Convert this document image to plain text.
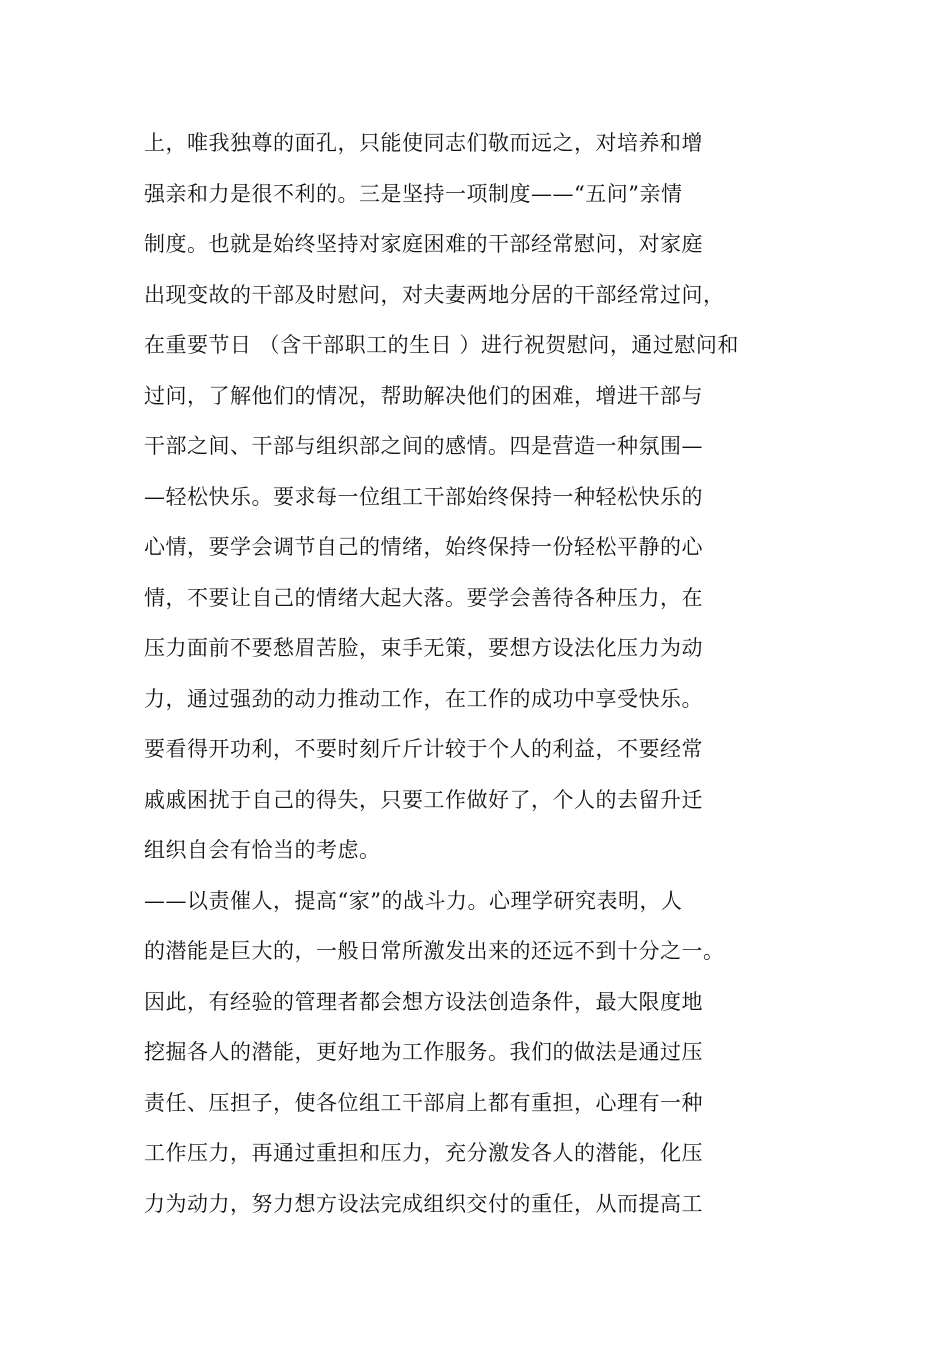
上，唯我独尊的面孔，只能使同志们敬而远之，对培养和增
强亲和力是很不利的。三是坚持一项制度——“五问”亲情
制度。也就是始终坚持对家庭困难的干部经常慰问，对家庭
出现变故的干部及时慰问，对夫妻两地分居的干部经常过问，
在重要节日 （含干部职工的生日 ）进行祝贺慰问，通过慰问和
过问，了解他们的情况，帮助解决他们的困难，增进干部与
干部之间、干部与组织部之间的感情。四是营造一种氛围—
—轻松快乐。要求每一位组工干部始终保持一种轻松快乐的
心情，要学会调节自己的情绪，始终保持一份轻松平静的心
情，不要让自己的情绪大起大落。要学会善待各种压力，在
压力面前不要愁眉苦脸，束手无策，要想方设法化压力为动
力，通过强劲的动力推动工作，在工作的成功中享受快乐。
要看得开功利，不要时刻斤斤计较于个人的利益，不要经常
戚戚困扰于自己的得失，只要工作做好了，个人的去留升迁
组织自会有恰当的考虑。
——以责催人，提高“家”的战斗力。心理学研究表明，人
的潜能是巨大的，一般日常所激发出来的还远不到十分之一。
因此，有经验的管理者都会想方设法创造条件，最大限度地
挖掘各人的潜能，更好地为工作服务。我们的做法是通过压
责任、压担子，使各位组工干部肩上都有重担，心理有一种
工作压力，再通过重担和压力，充分激发各人的潜能，化压
力为动力，努力想方设法完成组织交付的重任，从而提高工
